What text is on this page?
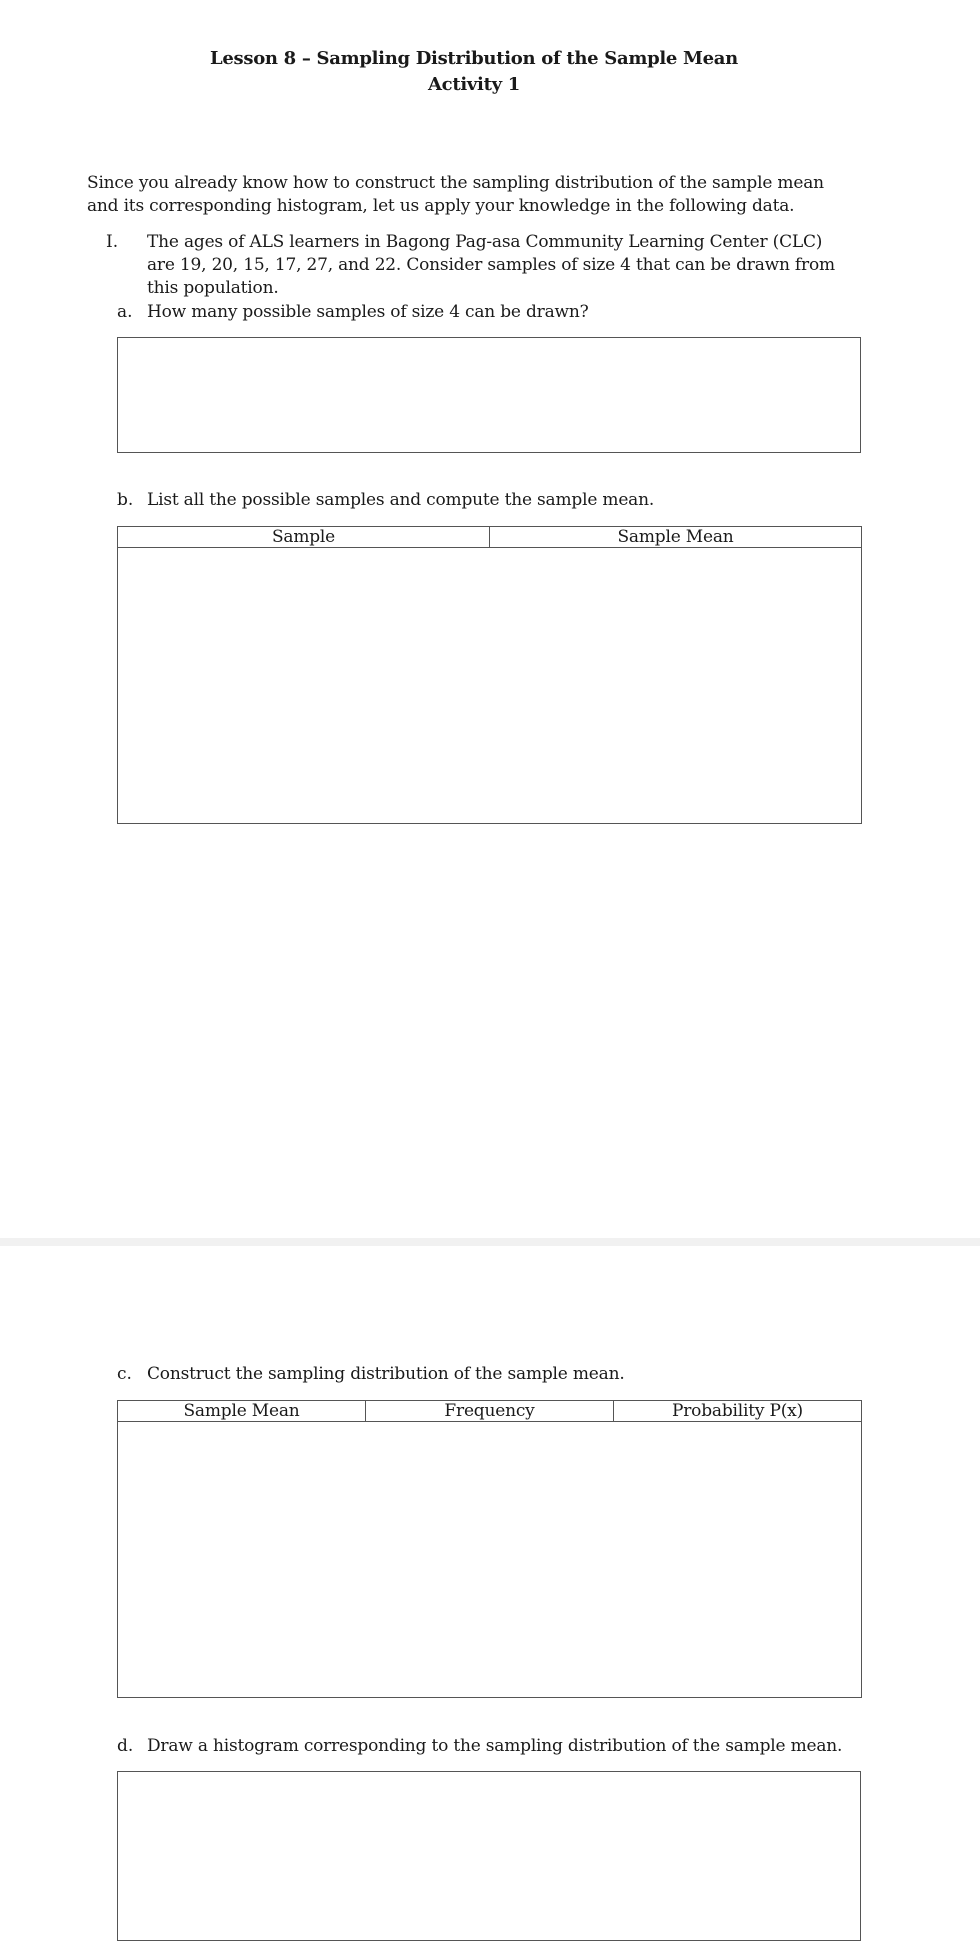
Lesson 8 – Sampling Distribution of the Sample Mean
Activity 1
Since you already know how to construct the sampling distribution of the sample mean and its corresponding histogram, let us apply your knowledge in the following data.
I. The ages of ALS learners in Bagong Pag-asa Community Learning Center (CLC) are 19, 20, 15, 17, 27, and 22. Consider samples of size 4 that can be drawn from this population.
a. How many possible samples of size 4 can be drawn?
b. List all the possible samples and compute the sample mean.
Sample	Sample Mean

c. Construct the sampling distribution of the sample mean.
Sample Mean	Frequency	Probability P(x)

d. Draw a histogram corresponding to the sampling distribution of the sample mean.
